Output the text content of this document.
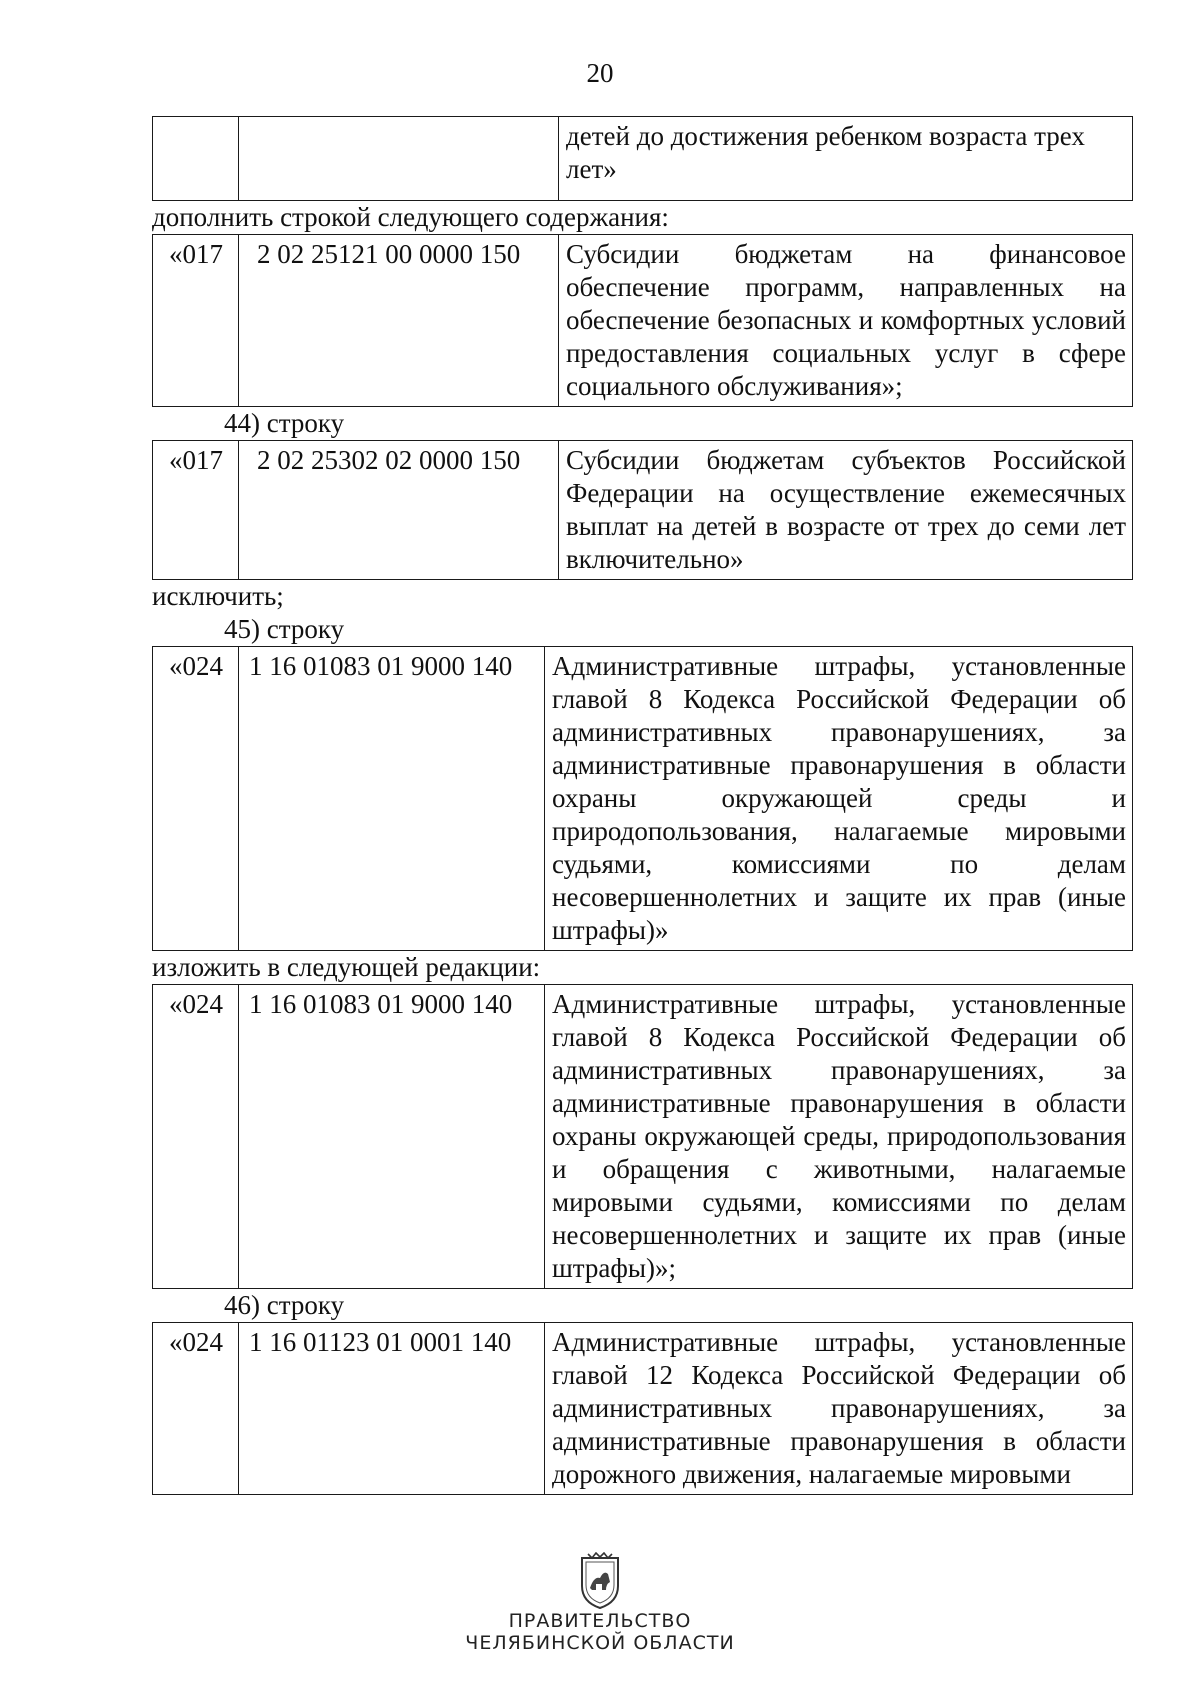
20
		детей до достижения ребенком возраста трех лет»

дополнить строкой следующего содержания:

«017	2 02 25121 00 0000 150	Субсидии бюджетам на финансовое обеспечение программ, направленных на обеспечение безопасных и комфортных условий предоставления социальных услуг в сфере социального обслуживания»;

44) строку

«017	2 02 25302 02 0000 150	Субсидии бюджетам субъектов Российской Федерации на осуществление ежемесячных выплат на детей в возрасте от трех до семи лет включительно»

исключить;

45) строку

«024	1 16 01083 01 9000 140	Административные штрафы, установленные главой 8 Кодекса Российской Федерации об административных правонарушениях, за административные правонарушения в области охраны окружающей среды и природопользования, налагаемые мировыми судьями, комиссиями по делам несовершеннолетних и защите их прав (иные штрафы)»

изложить в следующей редакции:

«024	1 16 01083 01 9000 140	Административные штрафы, установленные главой 8 Кодекса Российской Федерации об административных правонарушениях, за административные правонарушения в области охраны окружающей среды, природопользования и обращения с животными, налагаемые мировыми судьями, комиссиями по делам несовершеннолетних и защите их прав (иные штрафы)»;

46) строку

«024	1 16 01123 01 0001 140	Административные штрафы, установленные главой 12 Кодекса Российской Федерации об административных правонарушениях, за административные правонарушения в области дорожного движения, налагаемые мировыми
ПРАВИТЕЛЬСТВО
ЧЕЛЯБИНСКОЙ ОБЛАСТИ
